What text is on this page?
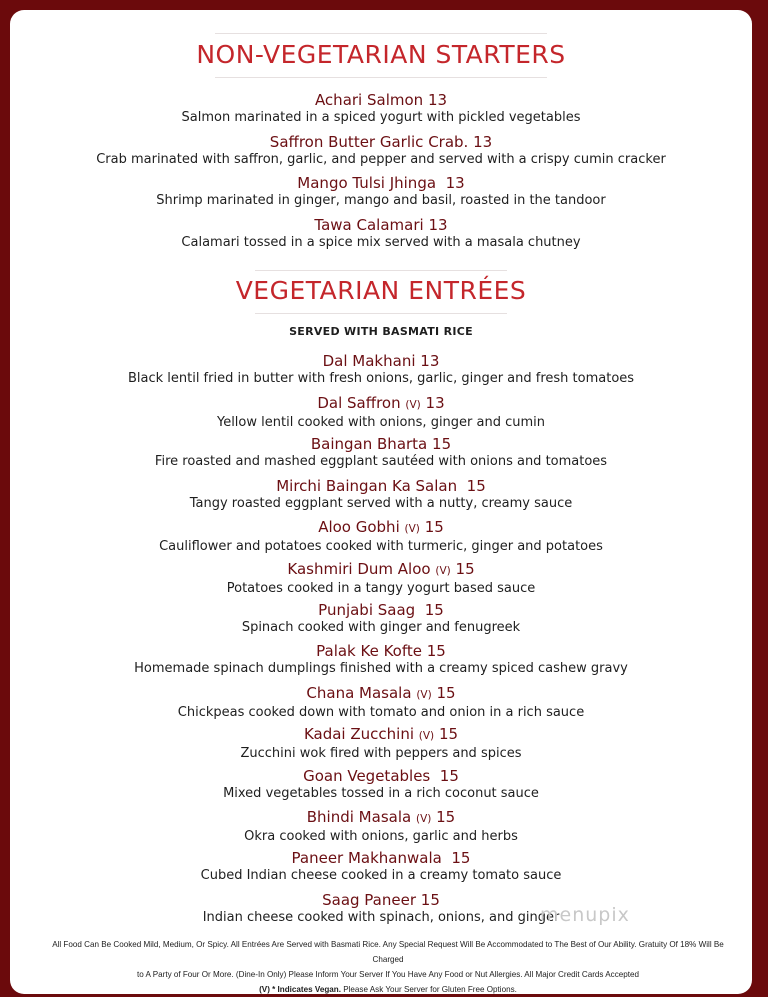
NON-VEGETARIAN STARTERS
Achari Salmon 13
Salmon marinated in a spiced yogurt with pickled vegetables
Saffron Butter Garlic Crab. 13
Crab marinated with saffron, garlic, and pepper and served with a crispy cumin cracker
Mango Tulsi Jhinga 13
Shrimp marinated in ginger, mango and basil, roasted in the tandoor
Tawa Calamari 13
Calamari tossed in a spice mix served with a masala chutney
VEGETARIAN ENTRÉES
SERVED WITH BASMATI RICE
Dal Makhani 13
Black lentil fried in butter with fresh onions, garlic, ginger and fresh tomatoes
Dal Saffron (V) 13
Yellow lentil cooked with onions, ginger and cumin
Baingan Bharta 15
Fire roasted and mashed eggplant sautéed with onions and tomatoes
Mirchi Baingan Ka Salan 15
Tangy roasted eggplant served with a nutty, creamy sauce
Aloo Gobhi (V) 15
Cauliflower and potatoes cooked with turmeric, ginger and potatoes
Kashmiri Dum Aloo (V) 15
Potatoes cooked in a tangy yogurt based sauce
Punjabi Saag 15
Spinach cooked with ginger and fenugreek
Palak Ke Kofte 15
Homemade spinach dumplings finished with a creamy spiced cashew gravy
Chana Masala (V) 15
Chickpeas cooked down with tomato and onion in a rich sauce
Kadai Zucchini (V) 15
Zucchini wok fired with peppers and spices
Goan Vegetables 15
Mixed vegetables tossed in a rich coconut sauce
Bhindi Masala (V) 15
Okra cooked with onions, garlic and herbs
Paneer Makhanwala 15
Cubed Indian cheese cooked in a creamy tomato sauce
Saag Paneer 15
Indian cheese cooked with spinach, onions, and ginger
menupix
All Food Can Be Cooked Mild, Medium, Or Spicy. All Entrées Are Served with Basmati Rice. Any Special Request Will Be Accommodated to The Best of Our Ability. Gratuity Of 18% Will Be Charged
to A Party of Four Or More. (Dine-In Only) Please Inform Your Server If You Have Any Food or Nut Allergies. All Major Credit Cards Accepted
(V) * Indicates Vegan. Please Ask Your Server for Gluten Free Options.
